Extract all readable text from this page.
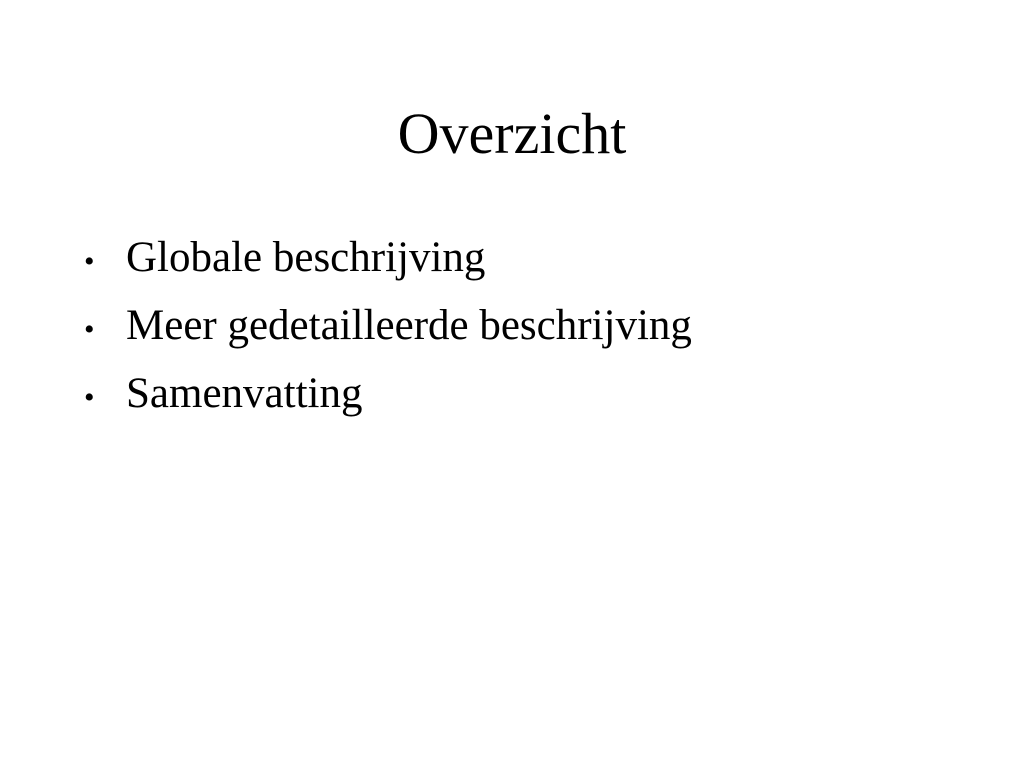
Overzicht
• Globale beschrijving
• Meer gedetailleerde beschrijving
• Samenvatting
